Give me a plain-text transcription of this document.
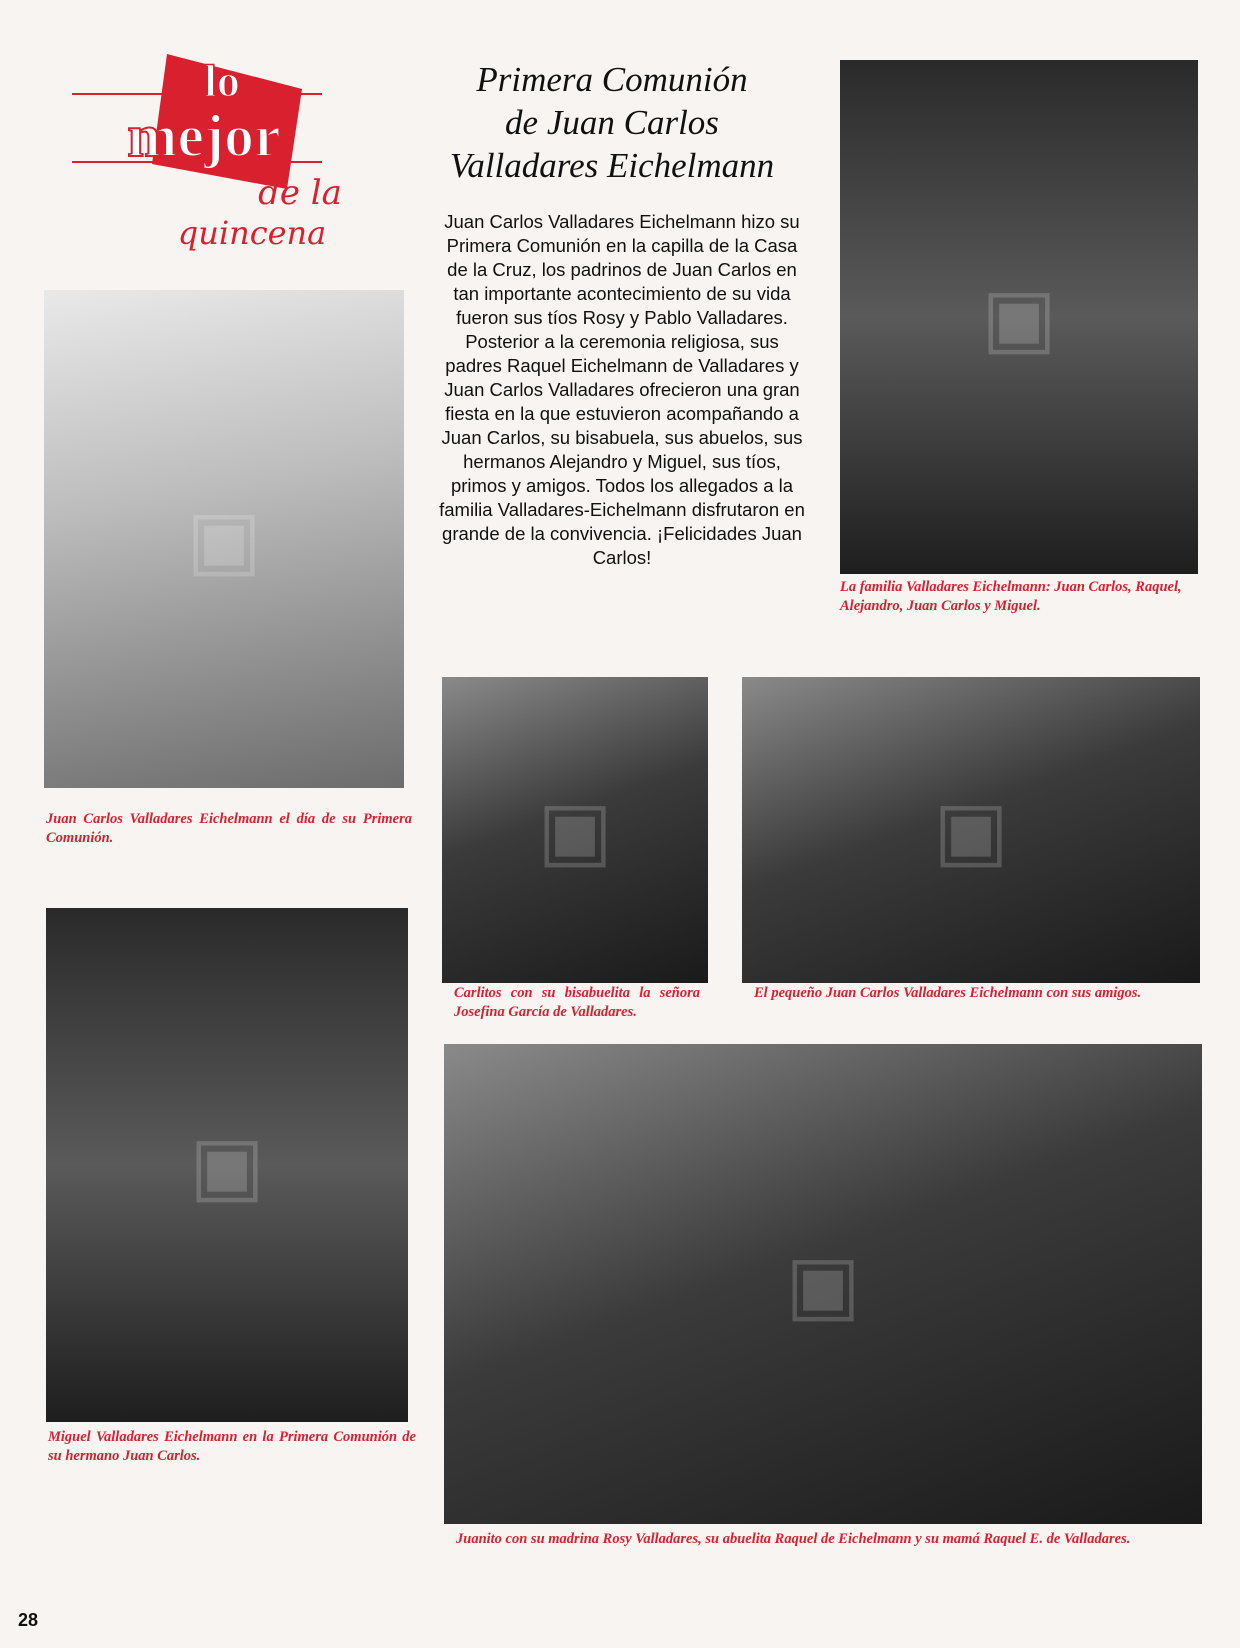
lo
mejor
de la
quincena
Primera Comunión
de Juan Carlos
Valladares Eichelmann
Juan Carlos Valladares Eichelmann hizo su Primera Comunión en la capilla de la Casa de la Cruz, los padrinos de Juan Carlos en tan importante acontecimiento de su vida fueron sus tíos Rosy y Pablo Valladares. Posterior a la ceremonia religiosa, sus padres Raquel Eichelmann de Valladares y Juan Carlos Valladares ofrecieron una gran fiesta en la que estuvieron acompañando a Juan Carlos, su bisabuela, sus abuelos, sus hermanos Alejandro y Miguel, sus tíos, primos y amigos. Todos los allegados a la familia Valladares-Eichelmann disfrutaron en grande de la convivencia. ¡Felicidades Juan Carlos!
▣
La familia Valladares Eichelmann: Juan Carlos, Raquel, Alejandro, Juan Carlos y Miguel.
▣
Juan Carlos Valladares Eichelmann el día de su Primera Comunión.	▣
Carlitos con su bisabuelita la señora Josefina García de Valladares.
▣
El pequeño Juan Carlos Valladares Eichelmann con sus amigos.
▣
Miguel Valladares Eichelmann en la Primera Comunión de su hermano Juan Carlos.
▣
Juanito con su madrina Rosy Valladares, su abuelita Raquel de Eichelmann y su mamá Raquel E. de Valladares.
28
